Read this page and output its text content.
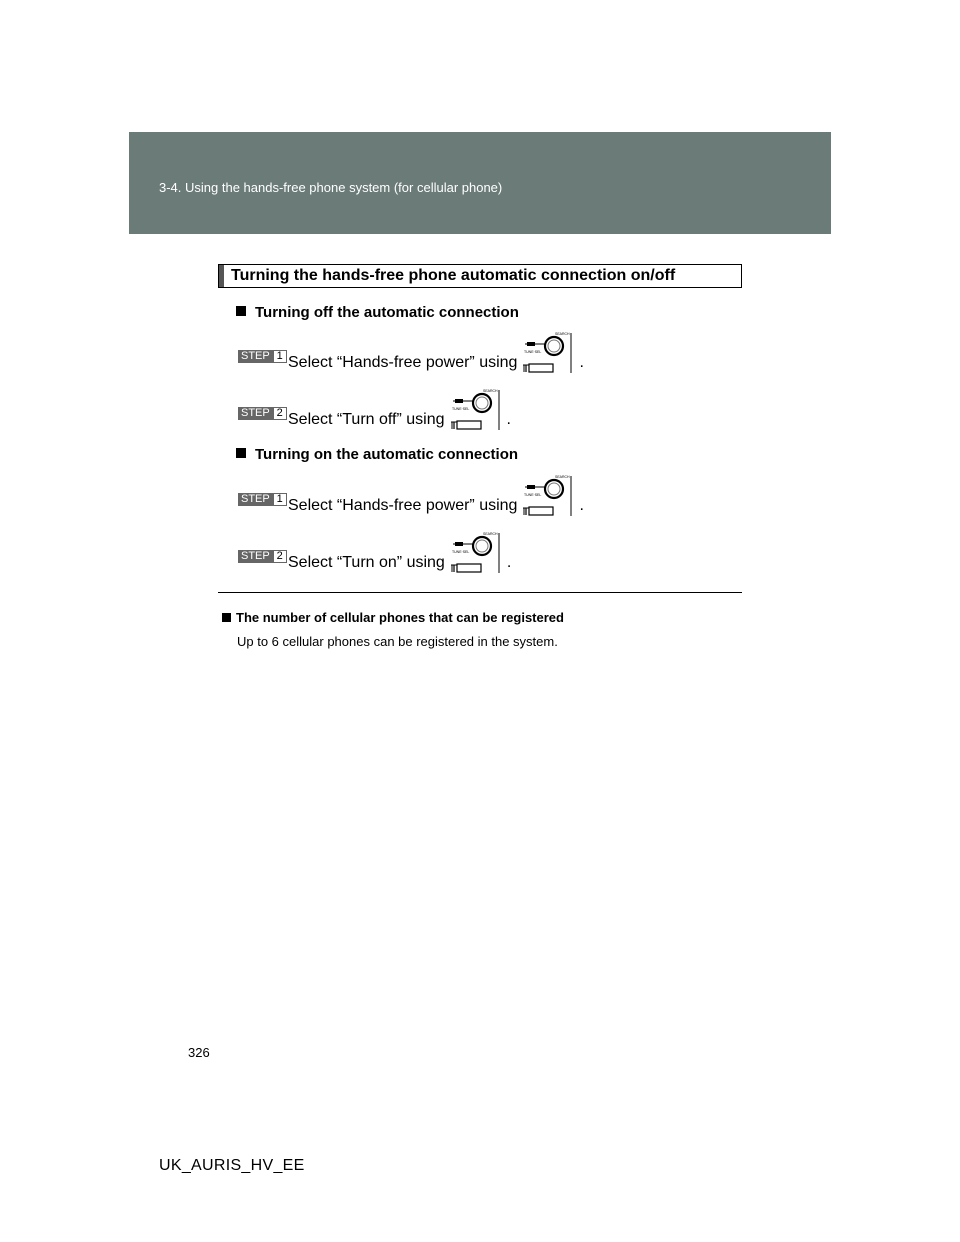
3-4. Using the hands-free phone system (for cellular phone)
Turning the hands-free phone automatic connection on/off
Turning off the automatic connection
STEP 1 Select “Hands-free power” using
SEARCH
TUNE·SEL
.
STEP 2 Select “Turn off” using
SEARCH
TUNE·SEL
.
Turning on the automatic connection
STEP 1 Select “Hands-free power” using
SEARCH
TUNE·SEL
.
STEP 2 Select “Turn on” using
SEARCH
TUNE·SEL
.
The number of cellular phones that can be registered
Up to 6 cellular phones can be registered in the system.
326
UK_AURIS_HV_EE
